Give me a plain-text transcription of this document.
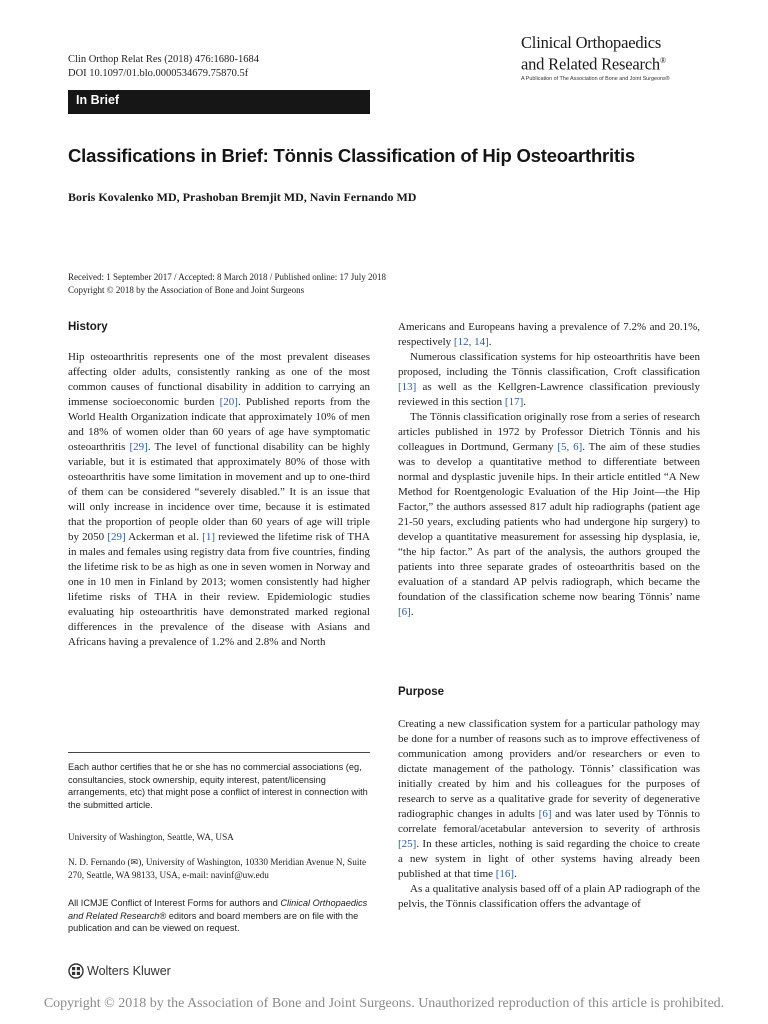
Clin Orthop Relat Res (2018) 476:1680-1684
DOI 10.1097/01.blo.0000534679.75870.5f
Clinical Orthopaedics
and Related Research®
A Publication of The Association of Bone and Joint Surgeons®
In Brief
Classifications in Brief: Tönnis Classification of Hip Osteoarthritis
Boris Kovalenko MD, Prashoban Bremjit MD, Navin Fernando MD
Received: 1 September 2017 / Accepted: 8 March 2018 / Published online: 17 July 2018
Copyright © 2018 by the Association of Bone and Joint Surgeons
History

Hip osteoarthritis represents one of the most prevalent diseases affecting older adults, consistently ranking as one of the most common causes of functional disability in addition to carrying an immense socioeconomic burden [20]. Published reports from the World Health Organization indicate that approximately 10% of men and 18% of women older than 60 years of age have symptomatic osteoarthritis [29]. The level of functional disability can be highly variable, but it is estimated that approximately 80% of those with osteoarthritis have some limitation in movement and up to one-third of them can be considered “severely disabled.” It is an issue that will only increase in incidence over time, because it is estimated that the proportion of people older than 60 years of age will triple by 2050 [29] Ackerman et al. [1] reviewed the lifetime risk of THA in males and females using registry data from five countries, finding the lifetime risk to be as high as one in seven women in Norway and one in 10 men in Finland by 2013; women consistently had higher lifetime risks of THA in their review. Epidemiologic studies evaluating hip osteoarthritis have demonstrated marked regional differences in the prevalence of the disease with Asians and Africans having a prevalence of 1.2% and 2.8% and North

Each author certifies that he or she has no commercial associations (eg, consultancies, stock ownership, equity interest, patent/licensing arrangements, etc) that might pose a conflict of interest in connection with the submitted article.
University of Washington, Seattle, WA, USA
N. D. Fernando (✉), University of Washington, 10330 Meridian Avenue N, Suite 270, Seattle, WA 98133, USA, e-mail: navinf@uw.edu
All ICMJE Conflict of Interest Forms for authors and Clinical Orthopaedics and Related Research® editors and board members are on file with the publication and can be viewed on request.
Wolters Kluwer

Americans and Europeans having a prevalence of 7.2% and 20.1%, respectively [12, 14].

Numerous classification systems for hip osteoarthritis have been proposed, including the Tönnis classification, Croft classification [13] as well as the Kellgren-Lawrence classification previously reviewed in this section [17].

The Tönnis classification originally rose from a series of research articles published in 1972 by Professor Dietrich Tönnis and his colleagues in Dortmund, Germany [5, 6]. The aim of these studies was to develop a quantitative method to differentiate between normal and dysplastic juvenile hips. In their article entitled “A New Method for Roentgenologic Evaluation of the Hip Joint—the Hip Factor,” the authors assessed 817 adult hip radiographs (patient age 21-50 years, excluding patients who had undergone hip surgery) to develop a quantitative measurement for assessing hip dysplasia, ie, “the hip factor.” As part of the analysis, the authors grouped the patients into three separate grades of osteoarthritis based on the evaluation of a standard AP pelvis radiograph, which became the foundation of the classification scheme now bearing Tönnis’ name [6].

Purpose

Creating a new classification system for a particular pathology may be done for a number of reasons such as to improve effectiveness of communication among providers and/or researchers or even to dictate management of the pathology. Tönnis’ classification was initially created by him and his colleagues for the purposes of research to serve as a qualitative grade for severity of degenerative radiographic changes in adults [6] and was later used by Tönnis to correlate femoral/acetabular anteversion to severity of arthrosis [25]. In these articles, nothing is said regarding the choice to create a new system in light of other systems having already been published at that time [16].

As a qualitative analysis based off of a plain AP radiograph of the pelvis, the Tönnis classification offers the advantage of

Copyright © 2018 by the Association of Bone and Joint Surgeons. Unauthorized reproduction of this article is prohibited.
